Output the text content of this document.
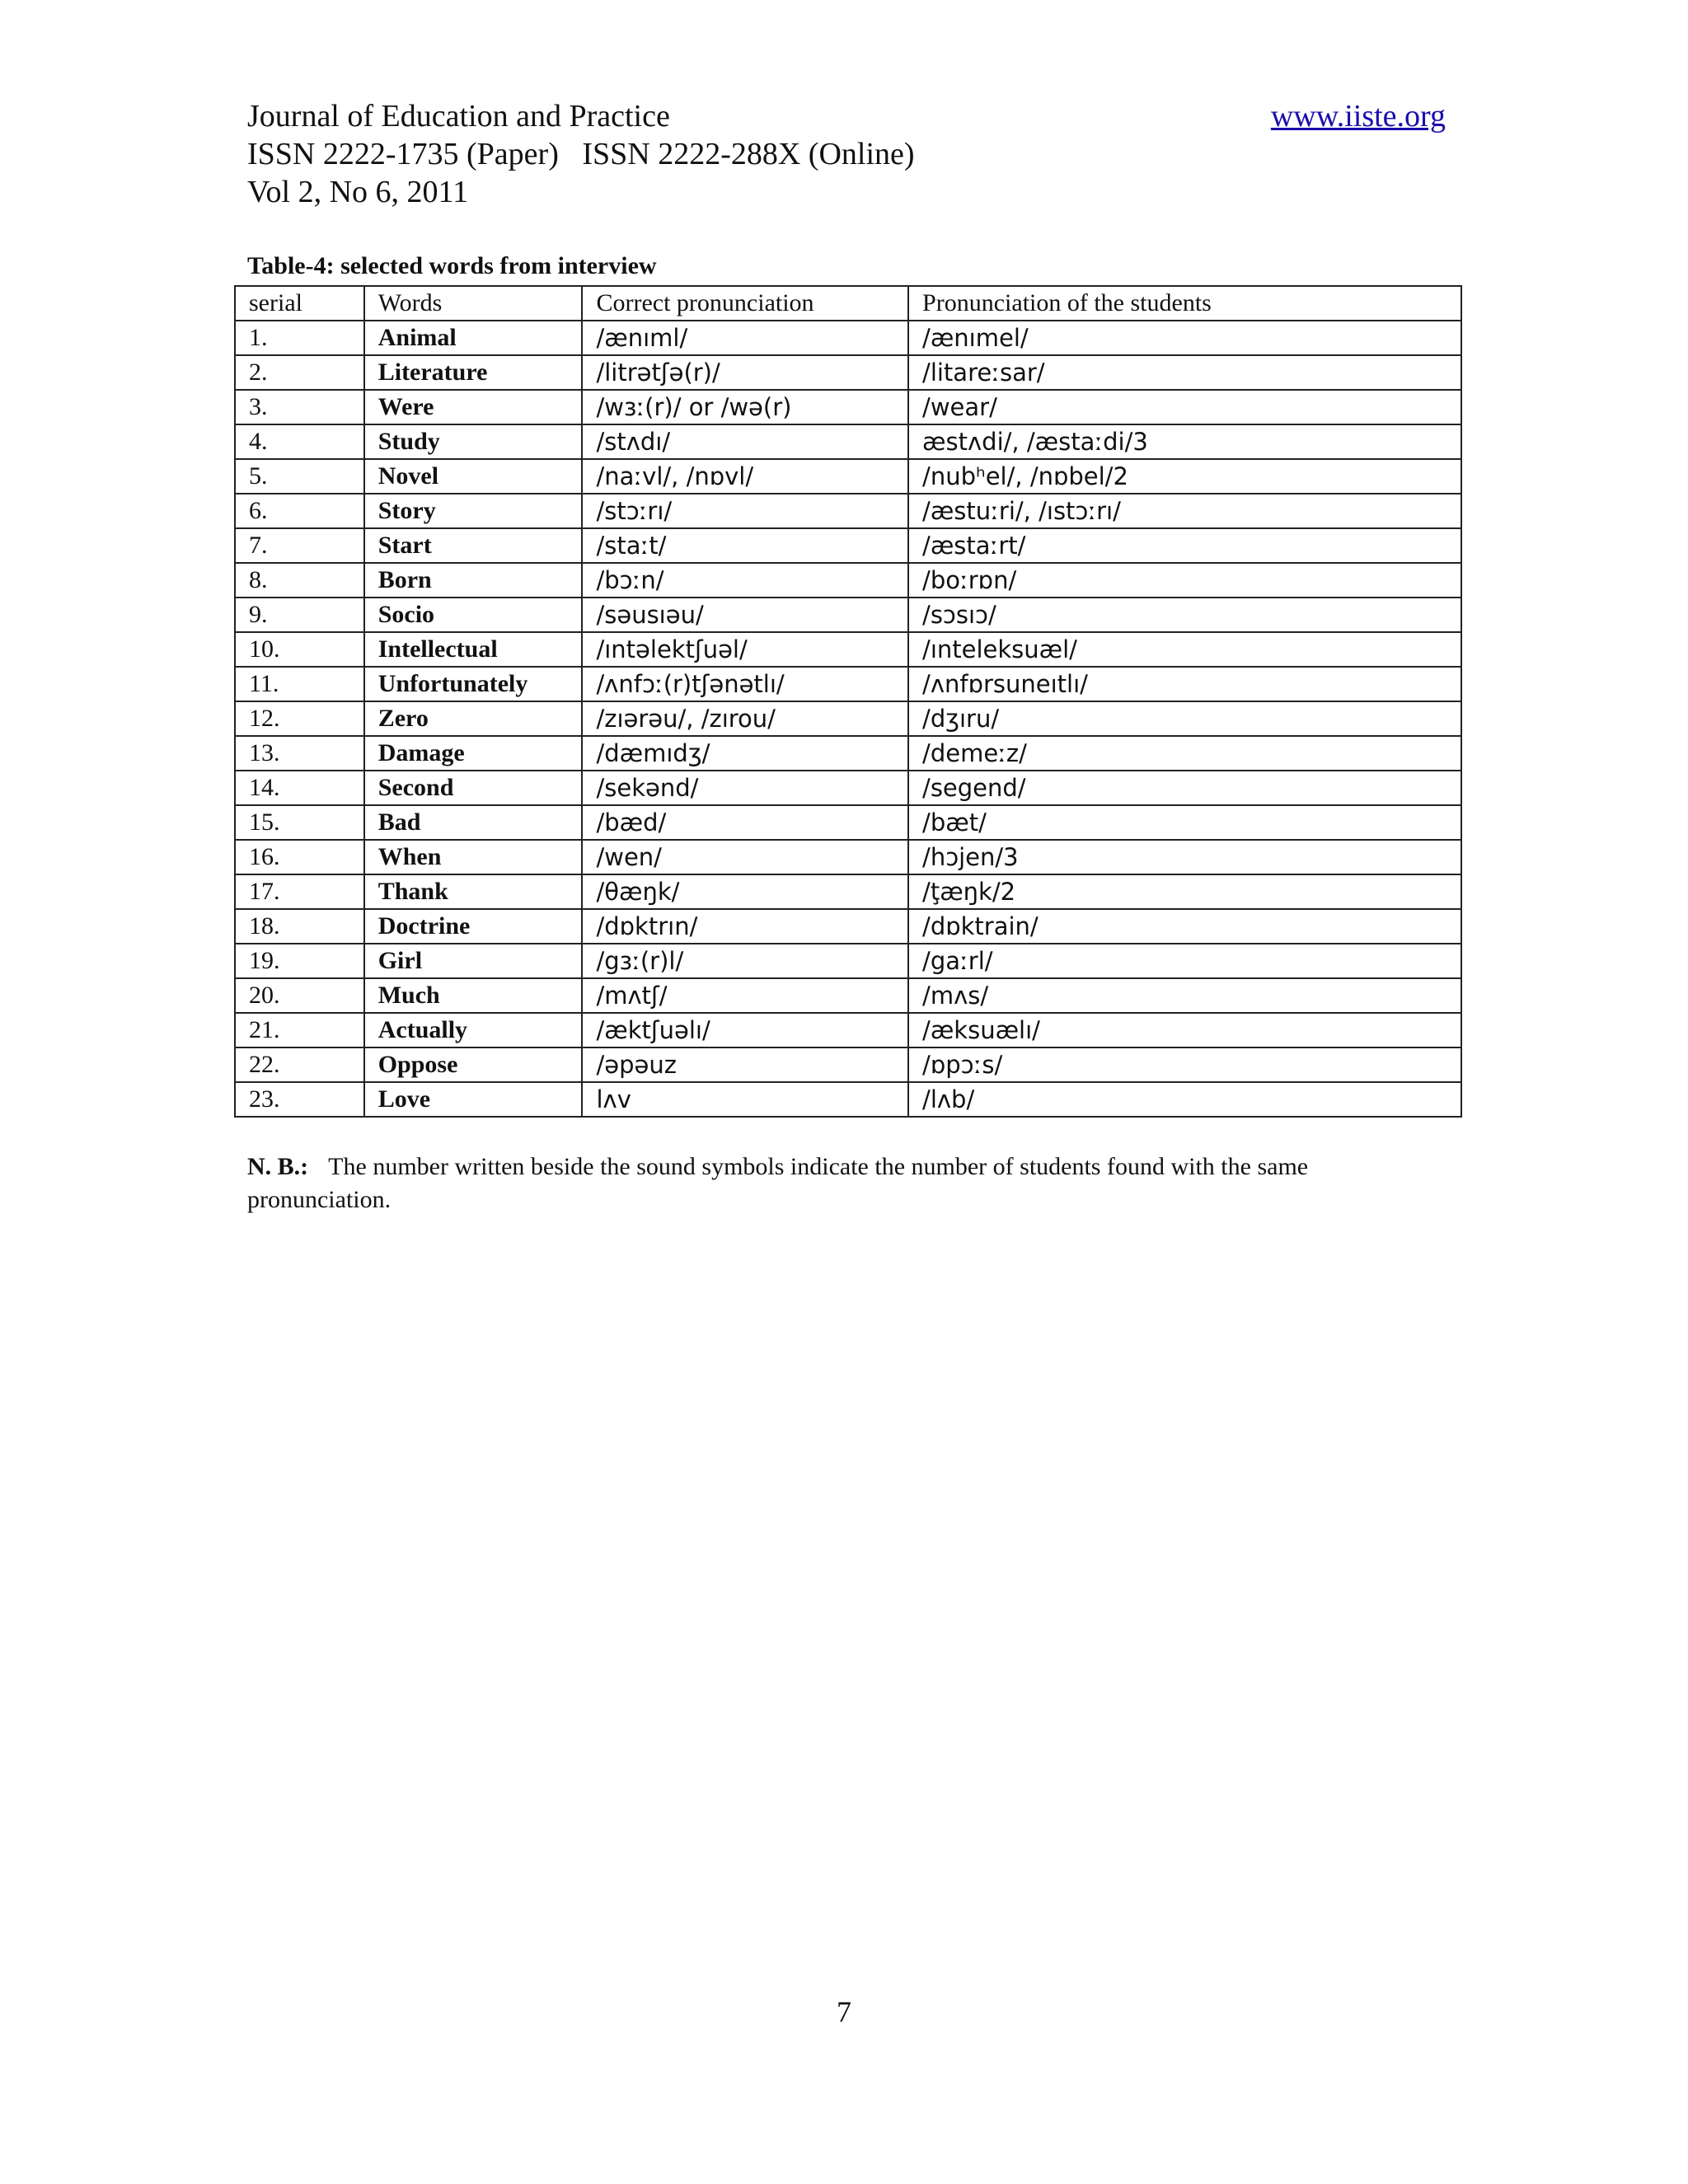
Journal of Education and Practice	www.iiste.org
ISSN 2222-1735 (Paper)   ISSN 2222-288X (Online)
Vol 2, No 6, 2011
Table-4: selected words from interview
serial	Words	Correct pronunciation	Pronunciation of the students
1.	Animal	/ænıml/	/ænımel/
2.	Literature	/litrətʃə(r)/	/litareːsar/
3.	Were	/wɜː(r)/ or /wə(r)	/wear/
4.	Study	/stʌdı/	æstʌdi/, /æstaːdi/3
5.	Novel	/naːvl/, /nɒvl/	/nubʰel/, /nɒbel/2
6.	Story	/stɔːrı/	/æstuːri/, /ıstɔːrı/
7.	Start	/staːt/	/æstaːrt/
8.	Born	/bɔːn/	/boːrɒn/
9.	Socio	/səusıəu/	/sɔsıɔ/
10.	Intellectual	/ıntəlektʃuəl/	/ınteleksuæl/
11.	Unfortunately	/ʌnfɔː(r)tʃənətlı/	/ʌnfɒrsuneıtlı/
12.	Zero	/zıərəu/, /zırou/	/dʒıru/
13.	Damage	/dæmıdʒ/	/demeːz/
14.	Second	/sekənd/	/segend/
15.	Bad	/bæd/	/bæt/
16.	When	/wen/	/hɔjen/3
17.	Thank	/θæŋk/	/ţæŋk/2
18.	Doctrine	/dɒktrın/	/dɒktrain/
19.	Girl	/gɜː(r)l/	/gaːrl/
20.	Much	/mʌtʃ/	/mʌs/
21.	Actually	/æktʃuəlı/	/æksuælı/
22.	Oppose	/əpəuz	/ɒpɔːs/
23.	Love	lʌv	/lʌb/
N. B.: The number written beside the sound symbols indicate the number of students found with the same pronunciation.
7
